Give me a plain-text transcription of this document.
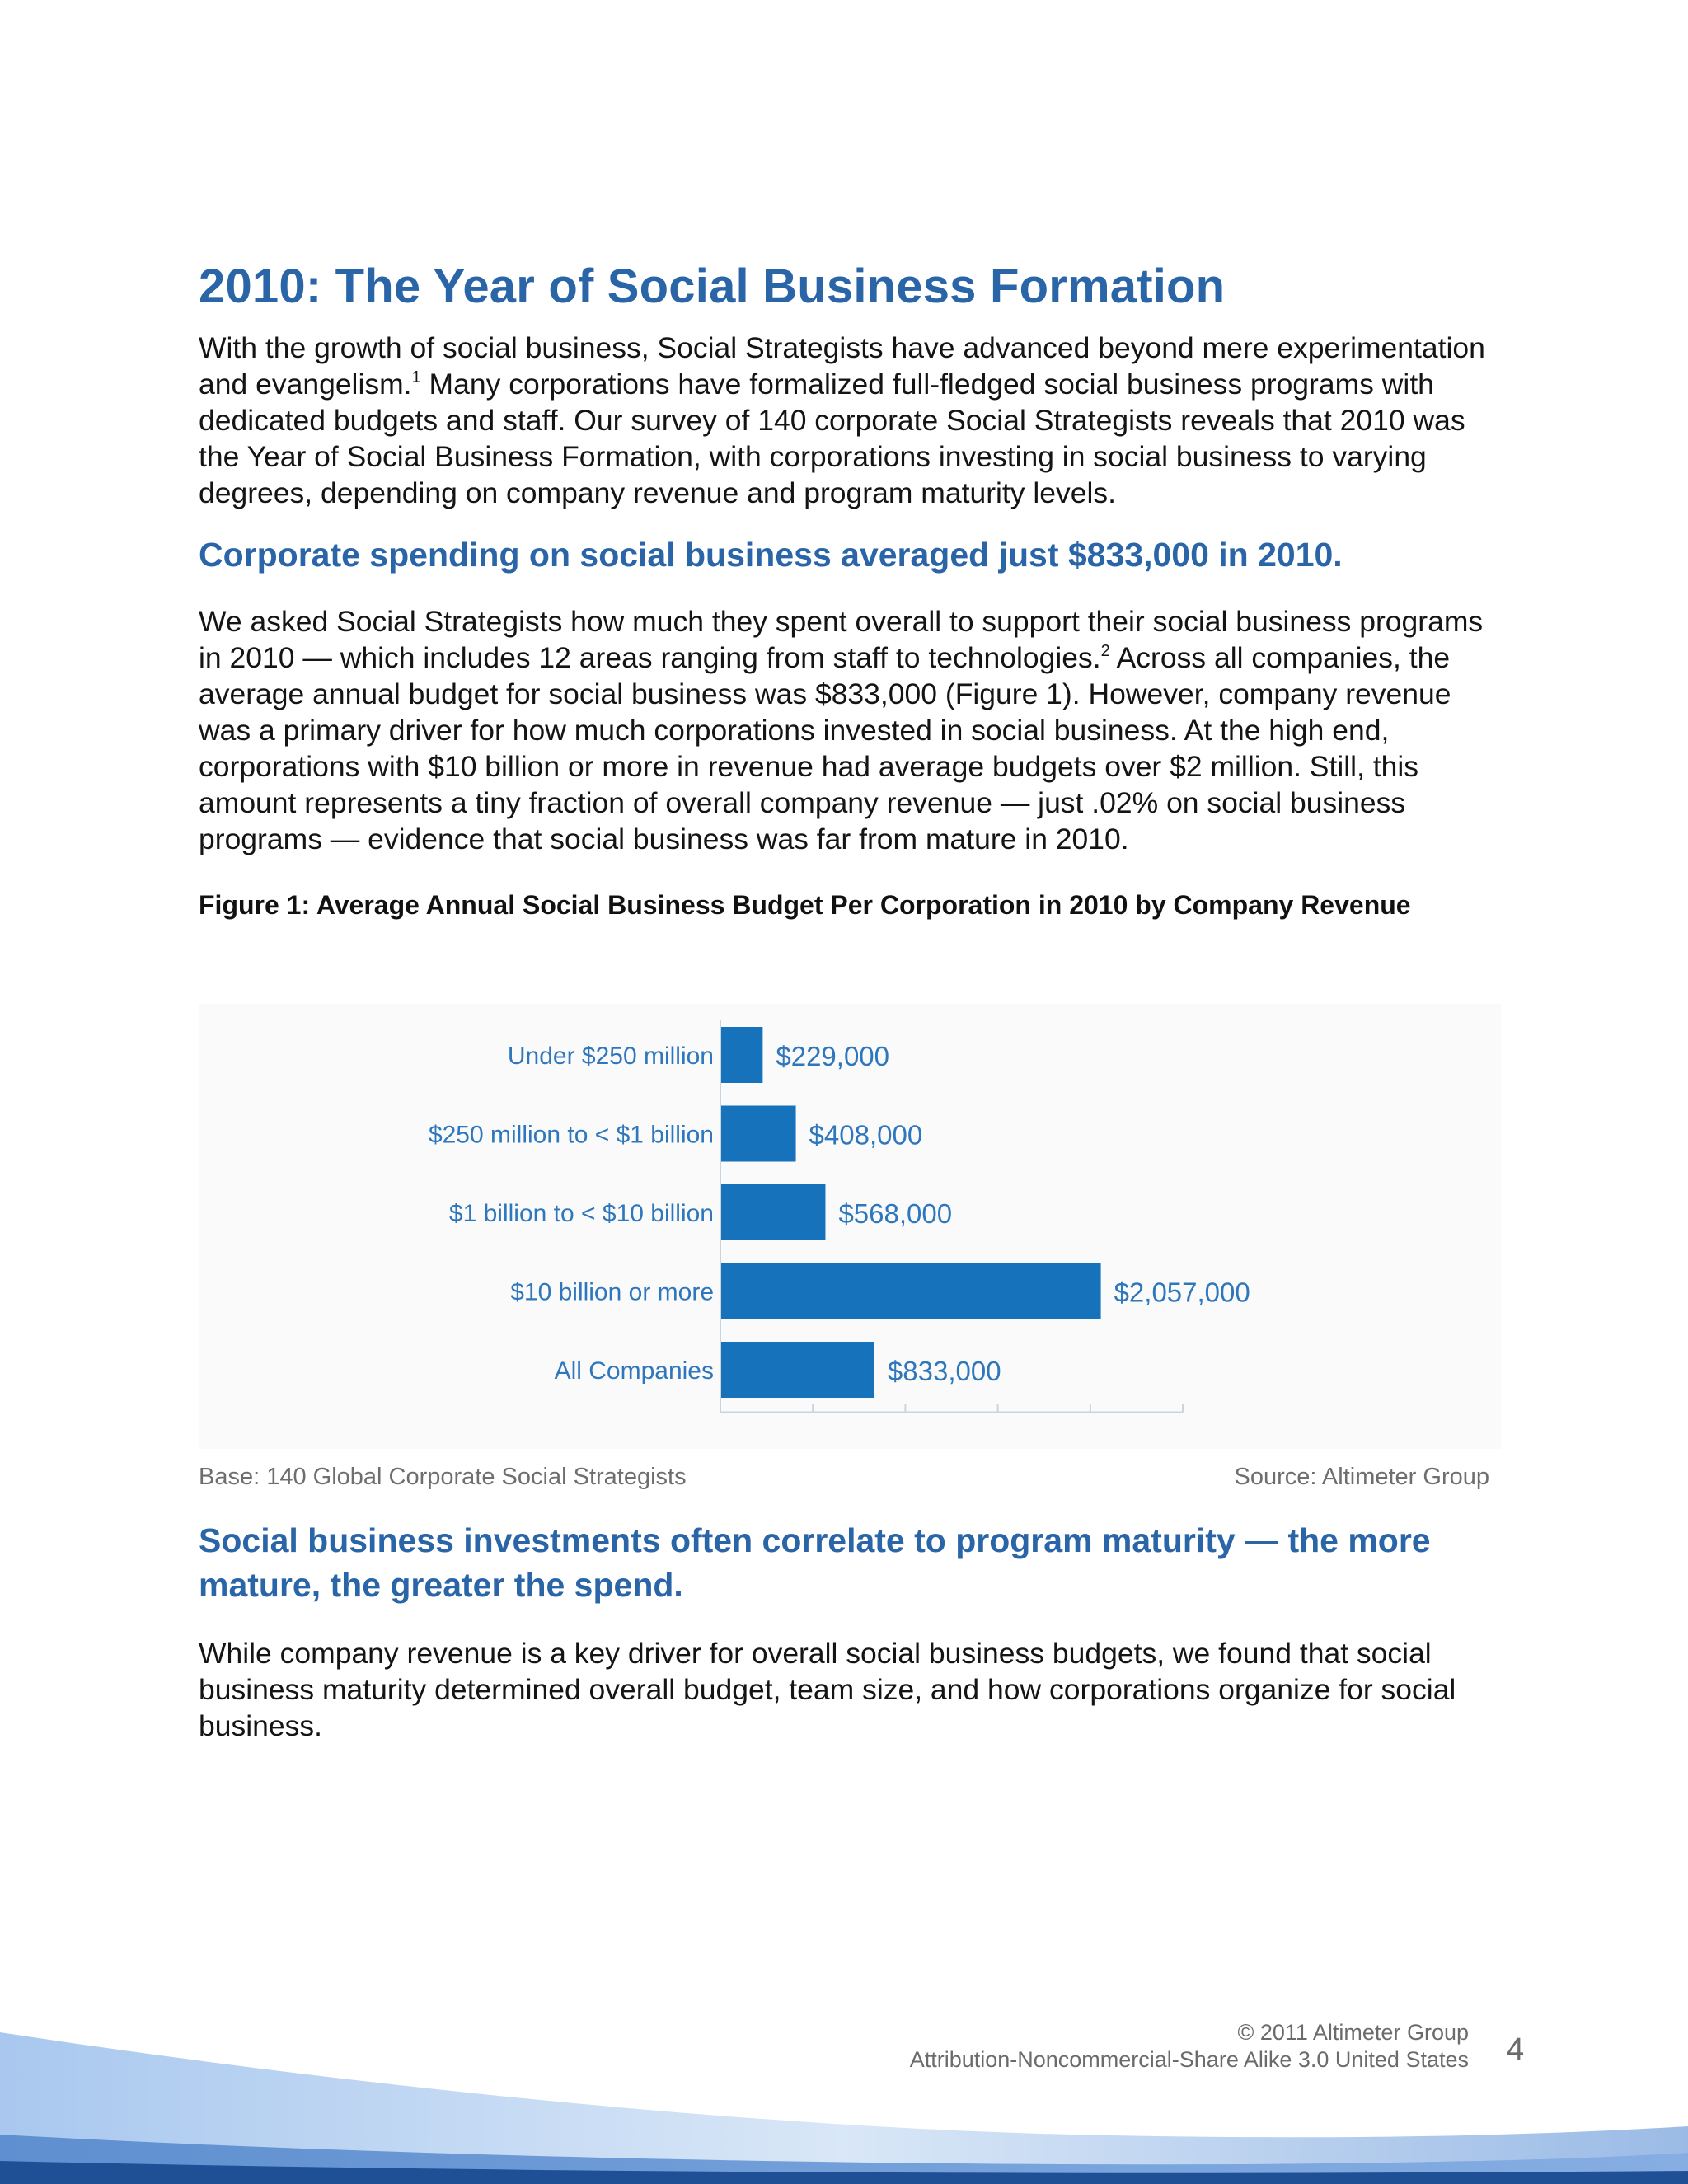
2010: The Year of Social Business Formation

With the growth of social business, Social Strategists have advanced beyond mere experimentation and evangelism.$^1$ Many corporations have formalized full-fledged social business programs with dedicated budgets and staff. Our survey of 140 corporate Social Strategists reveals that 2010 was the Year of Social Business Formation, with corporations investing in social business to varying degrees, depending on company revenue and program maturity levels.

Corporate spending on social business averaged just $833,000 in 2010.

We asked Social Strategists how much they spent overall to support their social business programs in 2010 — which includes 12 areas ranging from staff to technologies.$^2$ Across all companies, the average annual budget for social business was $833,000 (Figure 1). However, company revenue was a primary driver for how much corporations invested in social business. At the high end, corporations with $10 billion or more in revenue had average budgets over $2 million. Still, this amount represents a tiny fraction of overall company revenue — just .02% on social business programs — evidence that social business was far from mature in 2010.

Figure 1: Average Annual Social Business Budget Per Corporation in 2010 by Company Revenue

Under $250 million $229,000
$250 million to < $1 billion	$408,000
$1 billion to < $10 billion	$568,000
$10 billion or more	$2,057,000
All Companies	$833,000
Base: 140 Global Corporate Social Strategists	Source: Altimeter Group
Social business investments often correlate to program maturity — the more mature, the greater the spend.

While company revenue is a key driver for overall social business budgets, we found that social business maturity determined overall budget, team size, and how corporations organize for social business.

© 2011 Altimeter Group
Attribution-Noncommercial-Share Alike 3.0 United States 4
